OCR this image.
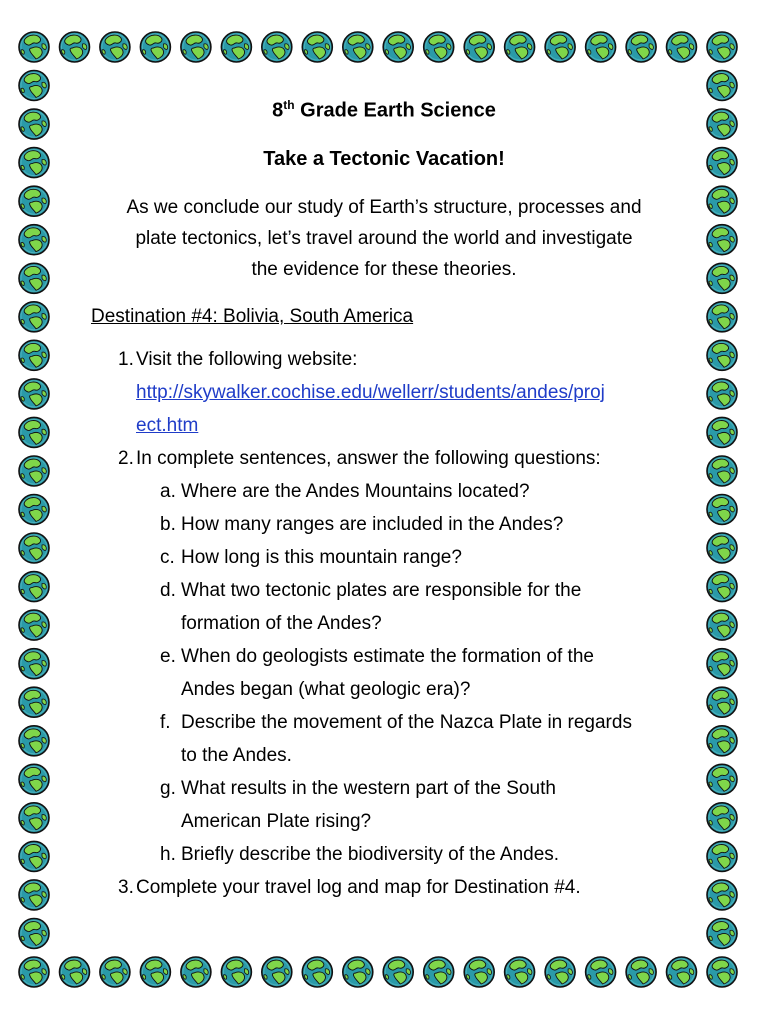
8th Grade Earth Science

Take a Tectonic Vacation!

As we conclude our study of Earth’s structure, processes and
plate tectonics, let’s travel around the world and investigate
the evidence for these theories.
Destination #4: Bolivia, South America
1. Visit the following website:
http://skywalker.cochise.edu/wellerr/students/andes/proj
ect.htm
2. In complete sentences, answer the following questions:
a. Where are the Andes Mountains located?
b. How many ranges are included in the Andes?
c. How long is this mountain range?
d. What two tectonic plates are responsible for the
formation of the Andes?
e. When do geologists estimate the formation of the
Andes began (what geologic era)?
f. Describe the movement of the Nazca Plate in regards
to the Andes.
g. What results in the western part of the South
American Plate rising?
h. Briefly describe the biodiversity of the Andes.
3. Complete your travel log and map for Destination #4.
